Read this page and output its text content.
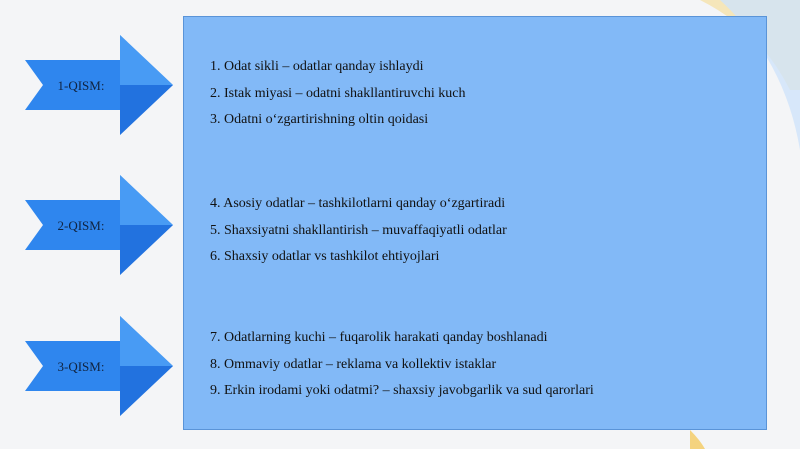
1. Odat sikli – odatlar qanday ishlaydi
2. Istak miyasi – odatni shakllantiruvchi kuch
3. Odatni o‘zgartirishning oltin qoidasi
4. Asosiy odatlar – tashkilotlarni qanday o‘zgartiradi
5. Shaxsiyatni shakllantirish – muvaffaqiyatli odatlar
6. Shaxsiy odatlar vs tashkilot ehtiyojlari
7. Odatlarning kuchi – fuqarolik harakati qanday boshlanadi
8. Ommaviy odatlar – reklama va kollektiv istaklar
9. Erkin irodami yoki odatmi? – shaxsiy javobgarlik va sud qarorlari
1-QISM:
2-QISM:
3-QISM:
